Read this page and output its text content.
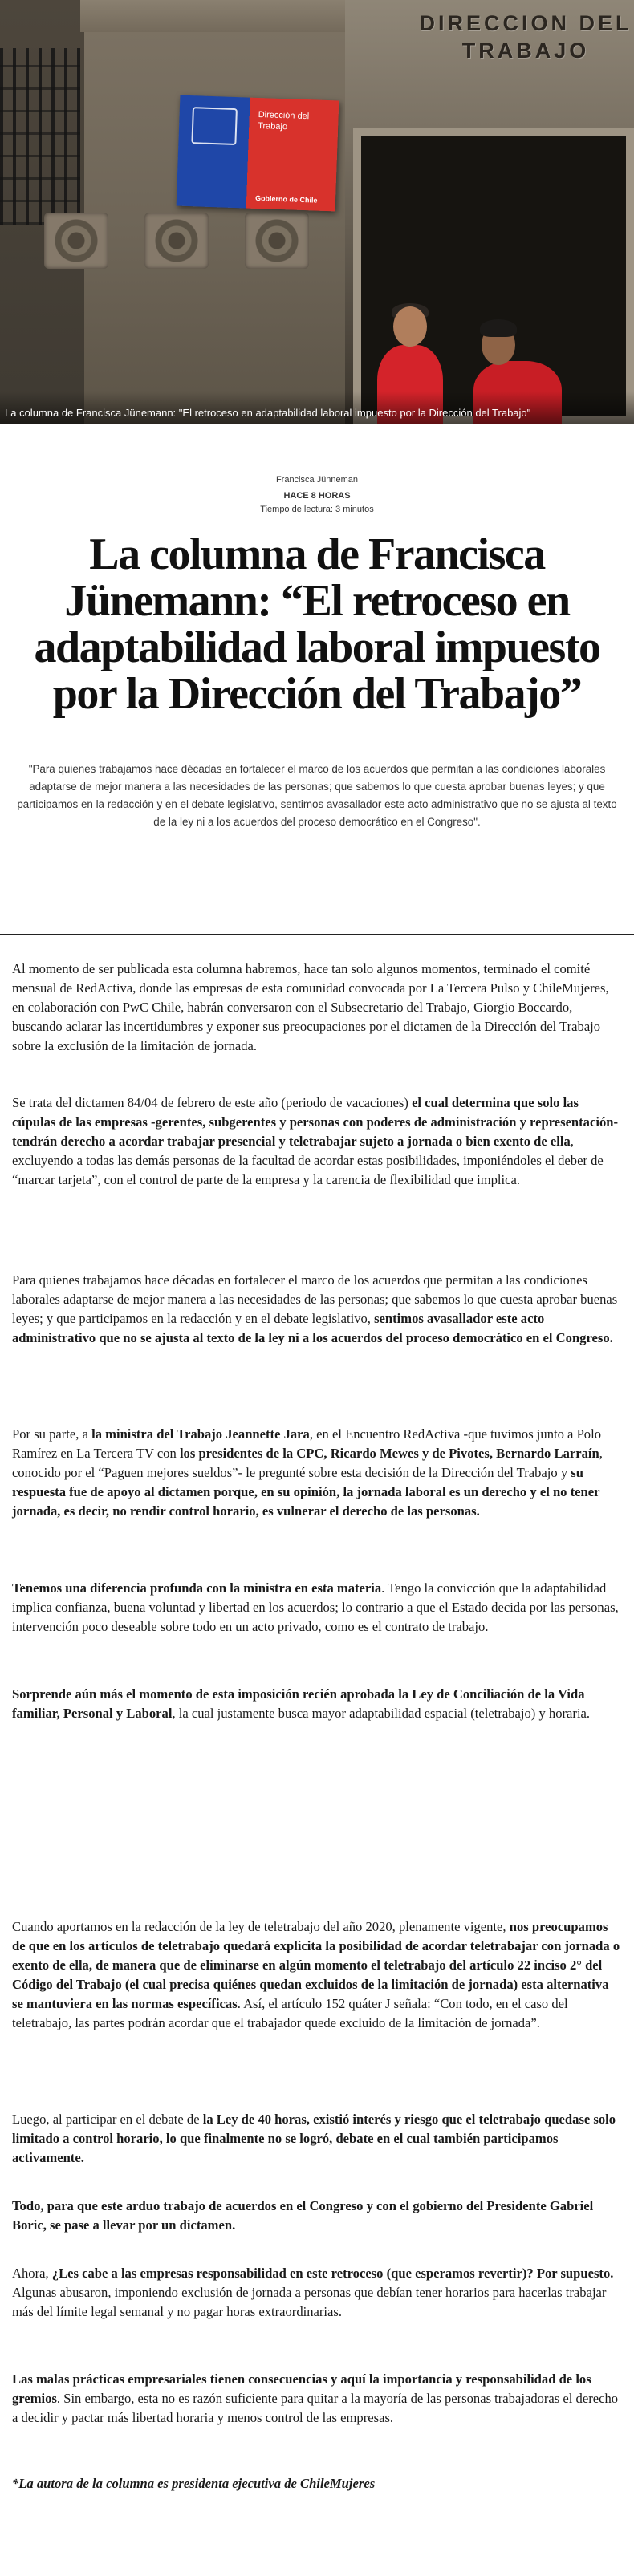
Dirección del Trabajo
Gobierno de Chile
DIRECCION DEL TRABAJO
La columna de Francisca Jünemann: "El retroceso en adaptabilidad laboral impuesto por la Dirección del Trabajo"
Francisca Jünneman
HACE 8 HORAS
Tiempo de lectura: 3 minutos
La columna de Francisca Jünemann: “El retroceso en adaptabilidad laboral impuesto por la Dirección del Trabajo”
"Para quienes trabajamos hace décadas en fortalecer el marco de los acuerdos que permitan a las condiciones laborales adaptarse de mejor manera a las necesidades de las personas; que sabemos lo que cuesta aprobar buenas leyes; y que participamos en la redacción y en el debate legislativo, sentimos avasallador este acto administrativo que no se ajusta al texto de la ley ni a los acuerdos del proceso democrático en el Congreso".

Al momento de ser publicada esta columna habremos, hace tan solo algunos momentos, terminado el comité mensual de RedActiva, donde las empresas de esta comunidad convocada por La Tercera Pulso y ChileMujeres, en colaboración con PwC Chile, habrán conversaron con el Subsecretario del Trabajo, Giorgio Boccardo, buscando aclarar las incertidumbres y exponer sus preocupaciones por el dictamen de la Dirección del Trabajo sobre la exclusión de la limitación de jornada.

Se trata del dictamen 84/04 de febrero de este año (periodo de vacaciones) el cual determina que solo las cúpulas de las empresas -gerentes, subgerentes y personas con poderes de administración y representación- tendrán derecho a acordar trabajar presencial y teletrabajar sujeto a jornada o bien exento de ella, excluyendo a todas las demás personas de la facultad de acordar estas posibilidades, imponiéndoles el deber de “marcar tarjeta”, con el control de parte de la empresa y la carencia de flexibilidad que implica.

Para quienes trabajamos hace décadas en fortalecer el marco de los acuerdos que permitan a las condiciones laborales adaptarse de mejor manera a las necesidades de las personas; que sabemos lo que cuesta aprobar buenas leyes; y que participamos en la redacción y en el debate legislativo, sentimos avasallador este acto administrativo que no se ajusta al texto de la ley ni a los acuerdos del proceso democrático en el Congreso.

Por su parte, a la ministra del Trabajo Jeannette Jara, en el Encuentro RedActiva -que tuvimos junto a Polo Ramírez en La Tercera TV con los presidentes de la CPC, Ricardo Mewes y de Pivotes, Bernardo Larraín, conocido por el “Paguen mejores sueldos”- le pregunté sobre esta decisión de la Dirección del Trabajo y su respuesta fue de apoyo al dictamen porque, en su opinión, la jornada laboral es un derecho y el no tener jornada, es decir, no rendir control horario, es vulnerar el derecho de las personas.

Tenemos una diferencia profunda con la ministra en esta materia. Tengo la convicción que la adaptabilidad implica confianza, buena voluntad y libertad en los acuerdos; lo contrario a que el Estado decida por las personas, intervención poco deseable sobre todo en un acto privado, como es el contrato de trabajo.

Sorprende aún más el momento de esta imposición recién aprobada la Ley de Conciliación de la Vida familiar, Personal y Laboral, la cual justamente busca mayor adaptabilidad espacial (teletrabajo) y horaria.

Cuando aportamos en la redacción de la ley de teletrabajo del año 2020, plenamente vigente, nos preocupamos de que en los artículos de teletrabajo quedará explícita la posibilidad de acordar teletrabajar con jornada o exento de ella, de manera que de eliminarse en algún momento el teletrabajo del artículo 22 inciso 2° del Código del Trabajo (el cual precisa quiénes quedan excluidos de la limitación de jornada) esta alternativa se mantuviera en las normas específicas. Así, el artículo 152 quáter J señala: “Con todo, en el caso del teletrabajo, las partes podrán acordar que el trabajador quede excluido de la limitación de jornada”.

Luego, al participar en el debate de la Ley de 40 horas, existió interés y riesgo que el teletrabajo quedase solo limitado a control horario, lo que finalmente no se logró, debate en el cual también participamos activamente.

Todo, para que este arduo trabajo de acuerdos en el Congreso y con el gobierno del Presidente Gabriel Boric, se pase a llevar por un dictamen.

Ahora, ¿Les cabe a las empresas responsabilidad en este retroceso (que esperamos revertir)? Por supuesto. Algunas abusaron, imponiendo exclusión de jornada a personas que debían tener horarios para hacerlas trabajar más del límite legal semanal y no pagar horas extraordinarias.

Las malas prácticas empresariales tienen consecuencias y aquí la importancia y responsabilidad de los gremios. Sin embargo, esta no es razón suficiente para quitar a la mayoría de las personas trabajadoras el derecho a decidir y pactar más libertad horaria y menos control de las empresas.

*La autora de la columna es presidenta ejecutiva de ChileMujeres
